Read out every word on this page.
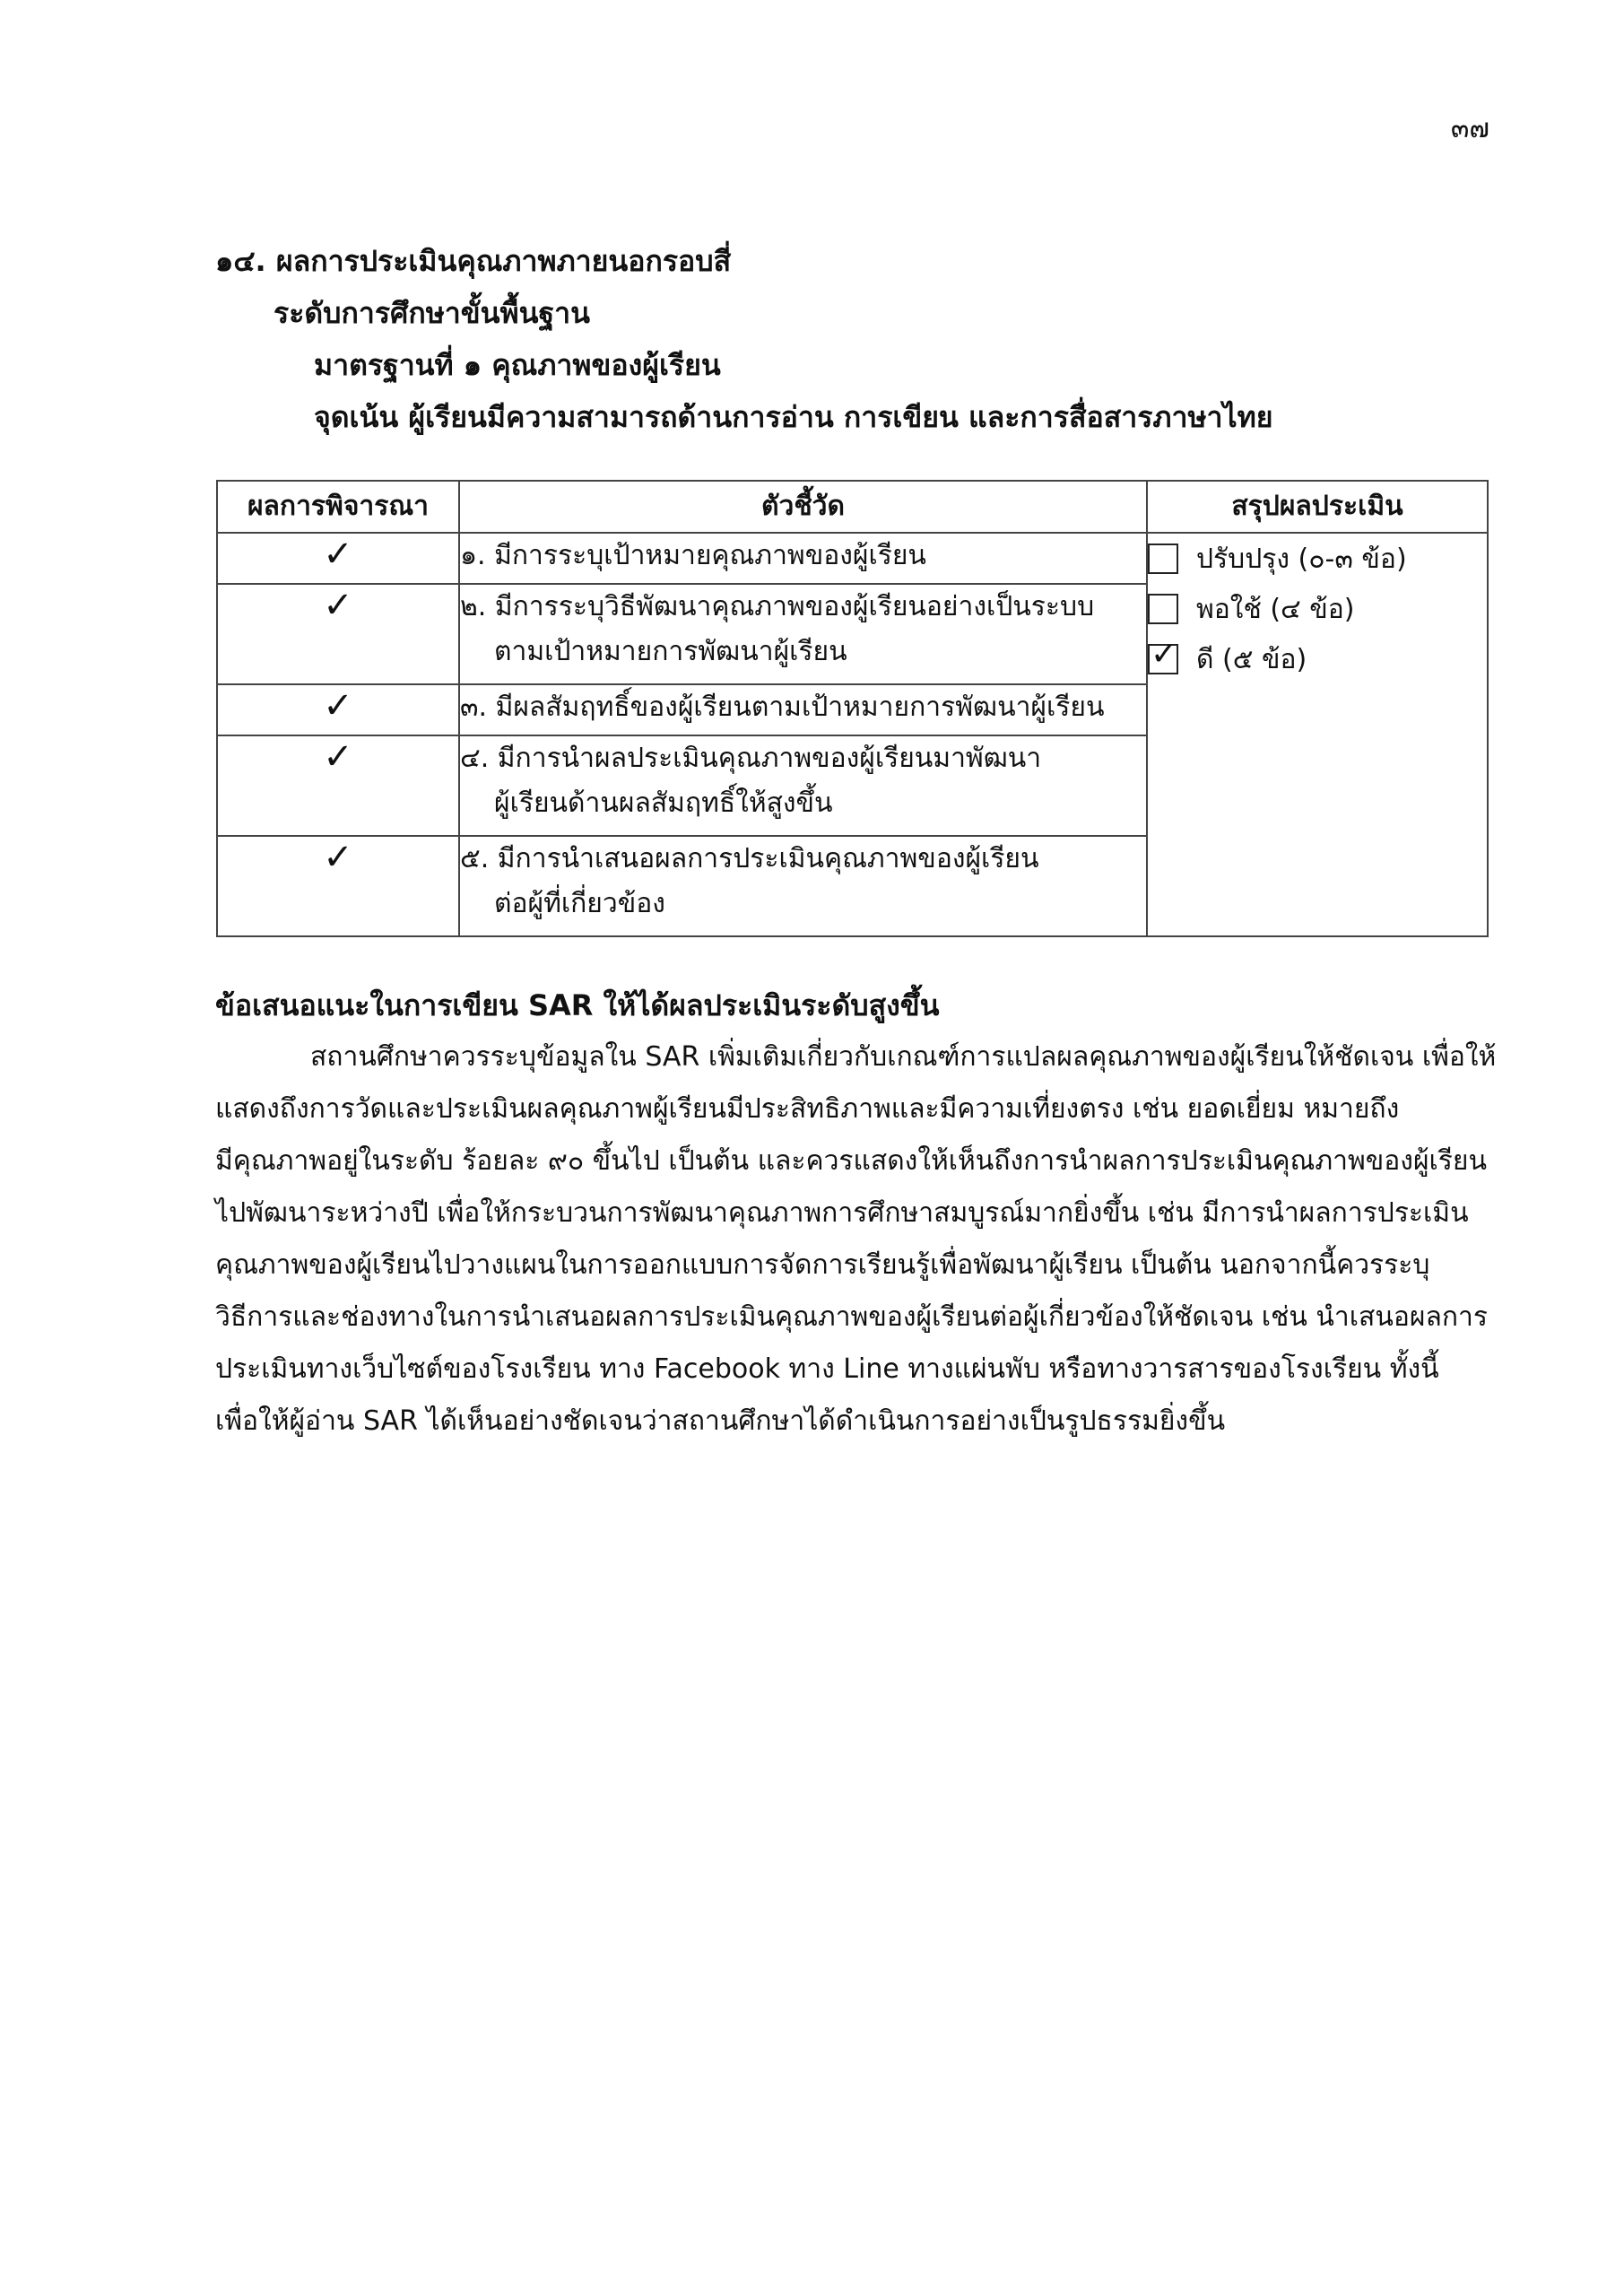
๓๗
๑๔. ผลการประเมินคุณภาพภายนอกรอบสี่
ระดับการศึกษาขั้นพื้นฐาน
มาตรฐานที่ ๑ คุณภาพของผู้เรียน
จุดเน้น ผู้เรียนมีความสามารถด้านการอ่าน การเขียน และการสื่อสารภาษาไทย
ผลการพิจารณา	ตัวชี้วัด	สรุปผลประเมิน
✓	๑. มีการระบุเป้าหมายคุณภาพของผู้เรียน	ปรับปรุง (๐-๓ ข้อ)
พอใช้ (๔ ข้อ)
✓ ดี (๕ ข้อ)

✓	๒. มีการระบุวิธีพัฒนาคุณภาพของผู้เรียนอย่างเป็นระบบ
ตามเป้าหมายการพัฒนาผู้เรียน	

✓	๓. มีผลสัมฤทธิ์ของผู้เรียนตามเป้าหมายการพัฒนาผู้เรียน	

✓	๔. มีการนำผลประเมินคุณภาพของผู้เรียนมาพัฒนา
ผู้เรียนด้านผลสัมฤทธิ์ให้สูงขึ้น	

✓	๕. มีการนำเสนอผลการประเมินคุณภาพของผู้เรียน
ต่อผู้ที่เกี่ยวข้อง	
ข้อเสนอแนะในการเขียน SAR ให้ได้ผลประเมินระดับสูงขึ้น
สถานศึกษาควรระบุข้อมูลใน SAR เพิ่มเติมเกี่ยวกับเกณฑ์การแปลผลคุณภาพของผู้เรียนให้ชัดเจน เพื่อให้
แสดงถึงการวัดและประเมินผลคุณภาพผู้เรียนมีประสิทธิภาพและมีความเที่ยงตรง เช่น ยอดเยี่ยม หมายถึง
มีคุณภาพอยู่ในระดับ ร้อยละ ๙๐ ขึ้นไป เป็นต้น และควรแสดงให้เห็นถึงการนำผลการประเมินคุณภาพของผู้เรียน
ไปพัฒนาระหว่างปี เพื่อให้กระบวนการพัฒนาคุณภาพการศึกษาสมบูรณ์มากยิ่งขึ้น เช่น มีการนำผลการประเมิน
คุณภาพของผู้เรียนไปวางแผนในการออกแบบการจัดการเรียนรู้เพื่อพัฒนาผู้เรียน เป็นต้น นอกจากนี้ควรระบุ
วิธีการและช่องทางในการนำเสนอผลการประเมินคุณภาพของผู้เรียนต่อผู้เกี่ยวข้องให้ชัดเจน เช่น นำเสนอผลการ
ประเมินทางเว็บไซต์ของโรงเรียน ทาง Facebook ทาง Line ทางแผ่นพับ หรือทางวารสารของโรงเรียน ทั้งนี้
เพื่อให้ผู้อ่าน SAR ได้เห็นอย่างชัดเจนว่าสถานศึกษาได้ดำเนินการอย่างเป็นรูปธรรมยิ่งขึ้น
